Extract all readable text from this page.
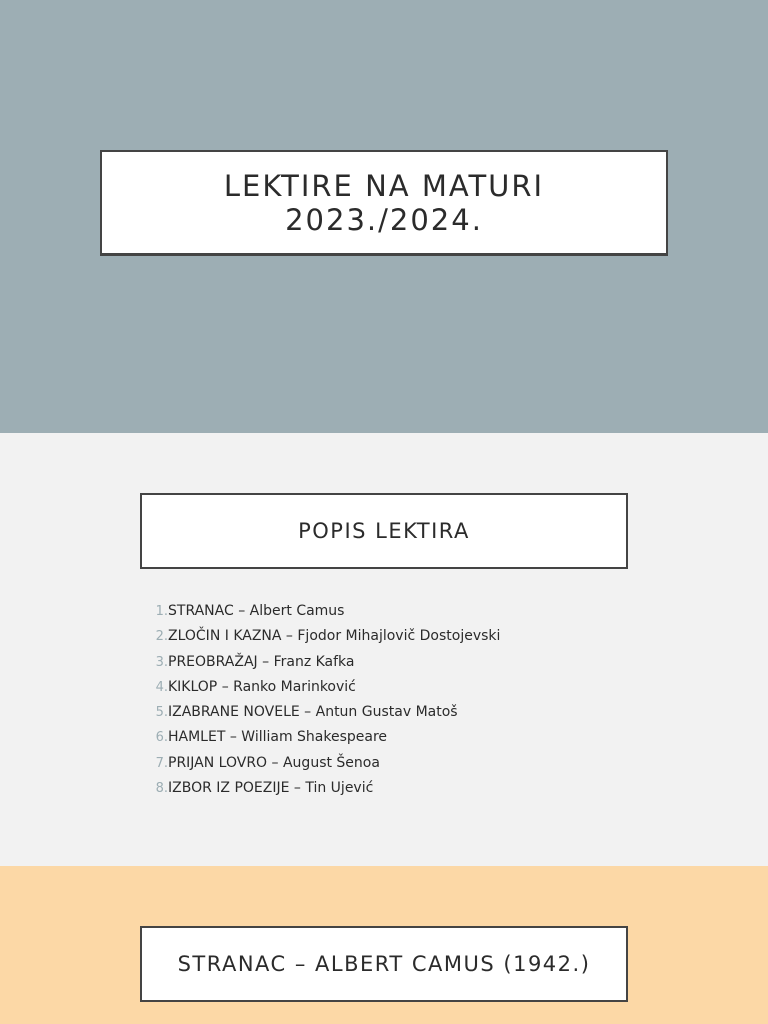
LEKTIRE NA MATURI
2023./2024.
POPIS LEKTIRA
1. STRANAC – Albert Camus
2. ZLOČIN I KAZNA – Fjodor Mihajlovič Dostojevski
3. PREOBRAŽAJ – Franz Kafka
4. KIKLOP – Ranko Marinković
5. IZABRANE NOVELE – Antun Gustav Matoš
6. HAMLET – William Shakespeare
7. PRIJAN LOVRO – August Šenoa
8. IZBOR IZ POEZIJE – Tin Ujević
STRANAC – ALBERT CAMUS (1942.)
